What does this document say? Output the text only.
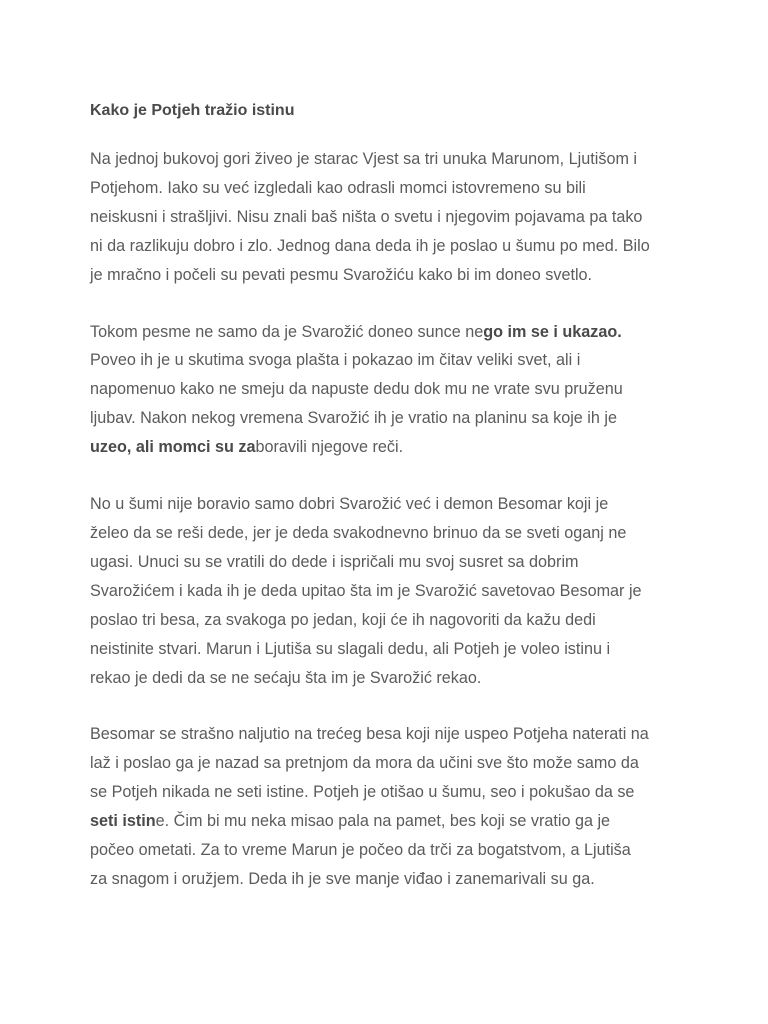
Kako je Potjeh tražio istinu
Na jednoj bukovoj gori živeo je starac Vjest sa tri unuka Marunom, Ljutišom i
Potjehom. Iako su već izgledali kao odrasli momci istovremeno su bili
neiskusni i strašljivi. Nisu znali baš ništa o svetu i njegovim pojavama pa tako
ni da razlikuju dobro i zlo. Jednog dana deda ih je poslao u šumu po med. Bilo
je mračno i počeli su pevati pesmu Svarožiću kako bi im doneo svetlo.
Tokom pesme ne samo da je Svarožić doneo sunce nego im se i ukazao.
Poveo ih je u skutima svoga plašta i pokazao im čitav veliki svet, ali i
napomenuo kako ne smeju da napuste dedu dok mu ne vrate svu pruženu
ljubav. Nakon nekog vremena Svarožić ih je vratio na planinu sa koje ih je
uzeo, ali momci su zaboravili njegove reči.
No u šumi nije boravio samo dobri Svarožić već i demon Besomar koji je
želeo da se reši dede, jer je deda svakodnevno brinuo da se sveti oganj ne
ugasi. Unuci su se vratili do dede i ispričali mu svoj susret sa dobrim
Svarožićem i kada ih je deda upitao šta im je Svarožić savetovao Besomar je
poslao tri besa, za svakoga po jedan, koji će ih nagovoriti da kažu dedi
neistinite stvari. Marun i Ljutiša su slagali dedu, ali Potjeh je voleo istinu i
rekao je dedi da se ne sećaju šta im je Svarožić rekao.
Besomar se strašno naljutio na trećeg besa koji nije uspeo Potjeha naterati na
laž i poslao ga je nazad sa pretnjom da mora da učini sve što može samo da
se Potjeh nikada ne seti istine. Potjeh je otišao u šumu, seo i pokušao da se
seti istine. Čim bi mu neka misao pala na pamet, bes koji se vratio ga je
počeo ometati. Za to vreme Marun je počeo da trči za bogatstvom, a Ljutiša
za snagom i oružjem. Deda ih je sve manje viđao i zanemarivali su ga.
